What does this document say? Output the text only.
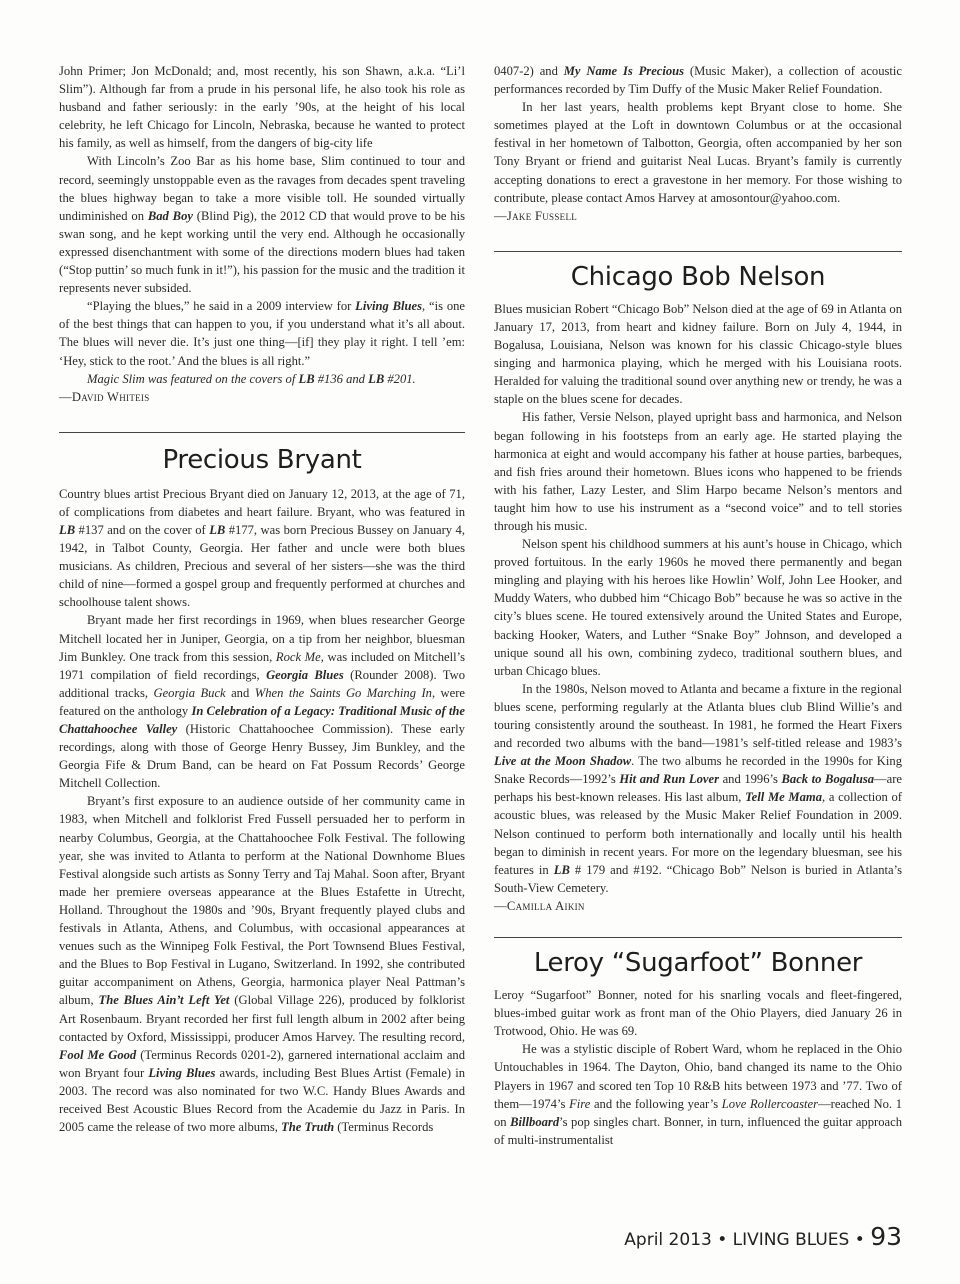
John Primer; Jon McDonald; and, most recently, his son Shawn, a.k.a. “Li’l Slim”). Although far from a prude in his personal life, he also took his role as husband and father seriously: in the early ’90s, at the height of his local celebrity, he left Chicago for Lincoln, Nebraska, because he wanted to protect his family, as well as himself, from the dangers of big-city life

With Lincoln’s Zoo Bar as his home base, Slim continued to tour and record, seemingly unstoppable even as the ravages from decades spent traveling the blues highway began to take a more visible toll. He sounded virtually undiminished on Bad Boy (Blind Pig), the 2012 CD that would prove to be his swan song, and he kept working until the very end. Although he occasionally expressed disenchantment with some of the directions modern blues had taken (“Stop puttin’ so much funk in it!”), his passion for the music and the tradition it represents never subsided.

“Playing the blues,” he said in a 2009 interview for Living Blues, “is one of the best things that can happen to you, if you understand what it’s all about. The blues will never die. It’s just one thing—[if] they play it right. I tell ’em: ‘Hey, stick to the root.’ And the blues is all right.”

Magic Slim was featured on the covers of LB #136 and LB #201.

—David Whiteis

Precious Bryant

Country blues artist Precious Bryant died on January 12, 2013, at the age of 71, of complications from diabetes and heart failure. Bryant, who was featured in LB #137 and on the cover of LB #177, was born Precious Bussey on January 4, 1942, in Talbot County, Georgia. Her father and uncle were both blues musicians. As children, Precious and several of her sisters—she was the third child of nine—formed a gospel group and frequently performed at churches and schoolhouse talent shows.

Bryant made her first recordings in 1969, when blues researcher George Mitchell located her in Juniper, Georgia, on a tip from her neighbor, bluesman Jim Bunkley. One track from this session, Rock Me, was included on Mitchell’s 1971 compilation of field recordings, Georgia Blues (Rounder 2008). Two additional tracks, Georgia Buck and When the Saints Go Marching In, were featured on the anthology In Celebration of a Legacy: Traditional Music of the Chattahoochee Valley (Historic Chattahoochee Commission). These early recordings, along with those of George Henry Bussey, Jim Bunkley, and the Georgia Fife & Drum Band, can be heard on Fat Possum Records’ George Mitchell Collection.

Bryant’s first exposure to an audience outside of her community came in 1983, when Mitchell and folklorist Fred Fussell persuaded her to perform in nearby Columbus, Georgia, at the Chattahoochee Folk Festival. The following year, she was invited to Atlanta to perform at the National Downhome Blues Festival alongside such artists as Sonny Terry and Taj Mahal. Soon after, Bryant made her premiere overseas appearance at the Blues Estafette in Utrecht, Holland. Throughout the 1980s and ’90s, Bryant frequently played clubs and festivals in Atlanta, Athens, and Columbus, with occasional appearances at venues such as the Winnipeg Folk Festival, the Port Townsend Blues Festival, and the Blues to Bop Festival in Lugano, Switzerland. In 1992, she contributed guitar accompaniment on Athens, Georgia, harmonica player Neal Pattman’s album, The Blues Ain’t Left Yet (Global Village 226), produced by folklorist Art Rosenbaum. Bryant recorded her first full length album in 2002 after being contacted by Oxford, Mississippi, producer Amos Harvey. The resulting record, Fool Me Good (Terminus Records 0201-2), garnered international acclaim and won Bryant four Living Blues awards, including Best Blues Artist (Female) in 2003. The record was also nominated for two W.C. Handy Blues Awards and received Best Acoustic Blues Record from the Academie du Jazz in Paris. In 2005 came the release of two more albums, The Truth (Terminus Records

0407-2) and My Name Is Precious (Music Maker), a collection of acoustic performances recorded by Tim Duffy of the Music Maker Relief Foundation.

In her last years, health problems kept Bryant close to home. She sometimes played at the Loft in downtown Columbus or at the occasional festival in her hometown of Talbotton, Georgia, often accompanied by her son Tony Bryant or friend and guitarist Neal Lucas. Bryant’s family is currently accepting donations to erect a gravestone in her memory. For those wishing to contribute, please contact Amos Harvey at amosontour@yahoo.com.

—Jake Fussell

Chicago Bob Nelson

Blues musician Robert “Chicago Bob” Nelson died at the age of 69 in Atlanta on January 17, 2013, from heart and kidney failure. Born on July 4, 1944, in Bogalusa, Louisiana, Nelson was known for his classic Chicago-style blues singing and harmonica playing, which he merged with his Louisiana roots. Heralded for valuing the traditional sound over anything new or trendy, he was a staple on the blues scene for decades.

His father, Versie Nelson, played upright bass and harmonica, and Nelson began following in his footsteps from an early age. He started playing the harmonica at eight and would accompany his father at house parties, barbeques, and fish fries around their hometown. Blues icons who happened to be friends with his father, Lazy Lester, and Slim Harpo became Nelson’s mentors and taught him how to use his instrument as a “second voice” and to tell stories through his music.

Nelson spent his childhood summers at his aunt’s house in Chicago, which proved fortuitous. In the early 1960s he moved there permanently and began mingling and playing with his heroes like Howlin’ Wolf, John Lee Hooker, and Muddy Waters, who dubbed him “Chicago Bob” because he was so active in the city’s blues scene. He toured extensively around the United States and Europe, backing Hooker, Waters, and Luther “Snake Boy” Johnson, and developed a unique sound all his own, combining zydeco, traditional southern blues, and urban Chicago blues.

In the 1980s, Nelson moved to Atlanta and became a fixture in the regional blues scene, performing regularly at the Atlanta blues club Blind Willie’s and touring consistently around the southeast. In 1981, he formed the Heart Fixers and recorded two albums with the band—1981’s self-titled release and 1983’s Live at the Moon Shadow. The two albums he recorded in the 1990s for King Snake Records—1992’s Hit and Run Lover and 1996’s Back to Bogalusa—are perhaps his best-known releases. His last album, Tell Me Mama, a collection of acoustic blues, was released by the Music Maker Relief Foundation in 2009. Nelson continued to perform both internationally and locally until his health began to diminish in recent years. For more on the legendary bluesman, see his features in LB # 179 and #192. “Chicago Bob” Nelson is buried in Atlanta’s South-View Cemetery.

—Camilla Aikin

Leroy “Sugarfoot” Bonner

Leroy “Sugarfoot” Bonner, noted for his snarling vocals and fleet-fingered, blues-imbed guitar work as front man of the Ohio Players, died January 26 in Trotwood, Ohio. He was 69.

He was a stylistic disciple of Robert Ward, whom he replaced in the Ohio Untouchables in 1964. The Dayton, Ohio, band changed its name to the Ohio Players in 1967 and scored ten Top 10 R&B hits between 1973 and ’77. Two of them—1974’s Fire and the following year’s Love Rollercoaster—reached No. 1 on Billboard’s pop singles chart. Bonner, in turn, influenced the guitar approach of multi-instrumentalist

April 2013 • LIVING BLUES • 93
